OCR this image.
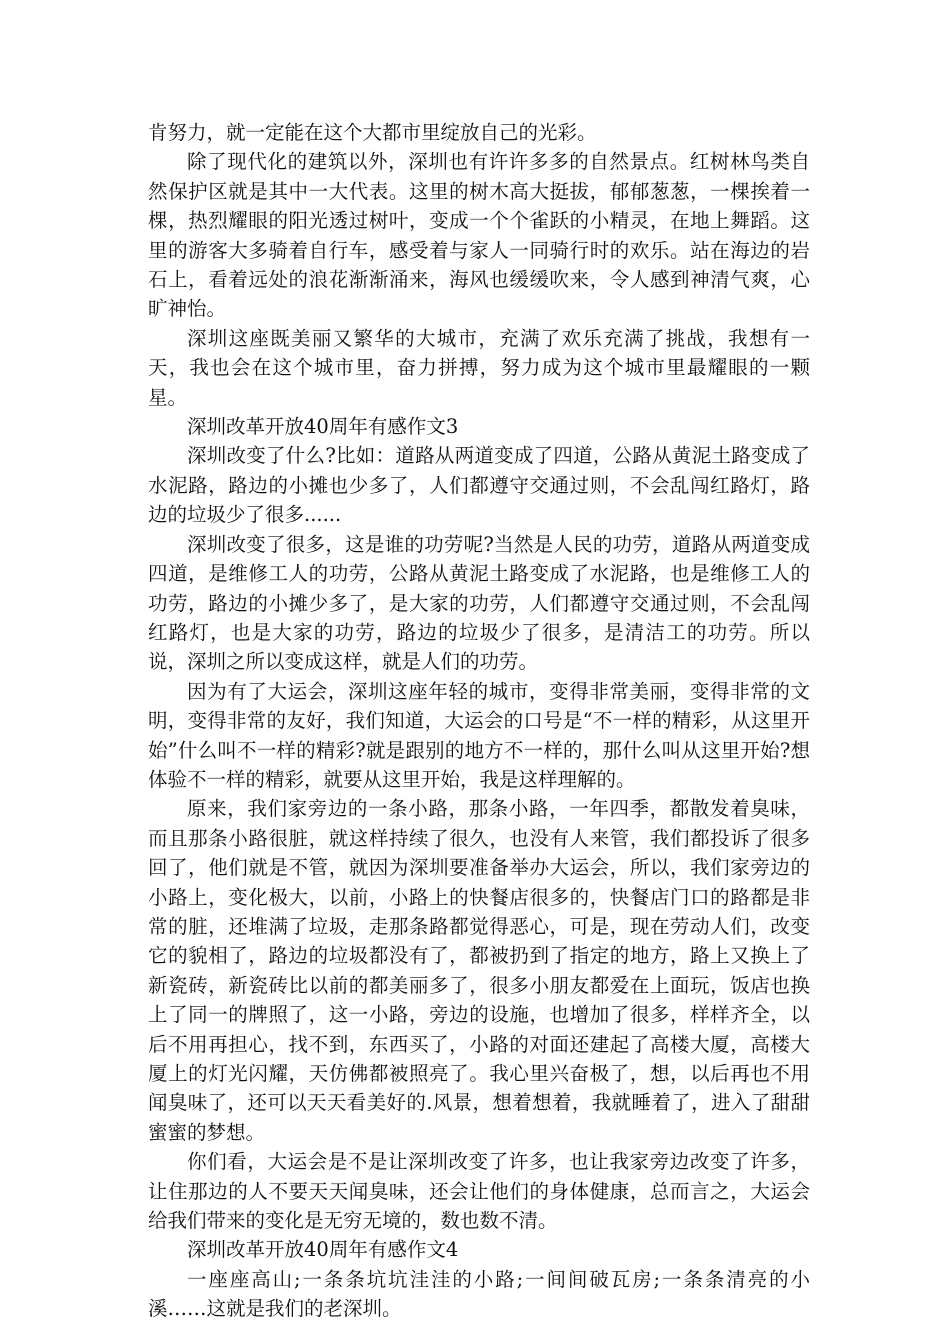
肯努力，就一定能在这个大都市里绽放自己的光彩。

除了现代化的建筑以外，深圳也有许许多多的自然景点。红树林鸟类自然保护区就是其中一大代表。这里的树木高大挺拔，郁郁葱葱，一棵挨着一棵，热烈耀眼的阳光透过树叶，变成一个个雀跃的小精灵，在地上舞蹈。这里的游客大多骑着自行车，感受着与家人一同骑行时的欢乐。站在海边的岩石上，看着远处的浪花渐渐涌来，海风也缓缓吹来，令人感到神清气爽，心旷神怡。

深圳这座既美丽又繁华的大城市，充满了欢乐充满了挑战，我想有一天，我也会在这个城市里，奋力拼搏，努力成为这个城市里最耀眼的一颗星。

深圳改革开放40周年有感作文3

深圳改变了什么?比如：道路从两道变成了四道，公路从黄泥土路变成了水泥路，路边的小摊也少多了，人们都遵守交通过则，不会乱闯红路灯，路边的垃圾少了很多......

深圳改变了很多，这是谁的功劳呢?当然是人民的功劳，道路从两道变成四道，是维修工人的功劳，公路从黄泥土路变成了水泥路，也是维修工人的功劳，路边的小摊少多了，是大家的功劳，人们都遵守交通过则，不会乱闯红路灯，也是大家的功劳，路边的垃圾少了很多，是清洁工的功劳。所以说，深圳之所以变成这样，就是人们的功劳。

因为有了大运会，深圳这座年轻的城市，变得非常美丽，变得非常的文明，变得非常的友好，我们知道，大运会的口号是“不一样的精彩，从这里开始”什么叫不一样的精彩?就是跟别的地方不一样的，那什么叫从这里开始?想体验不一样的精彩，就要从这里开始，我是这样理解的。

原来，我们家旁边的一条小路，那条小路，一年四季，都散发着臭味，而且那条小路很脏，就这样持续了很久，也没有人来管，我们都投诉了很多回了，他们就是不管，就因为深圳要准备举办大运会，所以，我们家旁边的小路上，变化极大，以前，小路上的快餐店很多的，快餐店门口的路都是非常的脏，还堆满了垃圾，走那条路都觉得恶心，可是，现在劳动人们，改变它的貌相了，路边的垃圾都没有了，都被扔到了指定的地方，路上又换上了新瓷砖，新瓷砖比以前的都美丽多了，很多小朋友都爱在上面玩，饭店也换上了同一的牌照了，这一小路，旁边的设施，也增加了很多，样样齐全，以后不用再担心，找不到，东西买了，小路的对面还建起了高楼大厦，高楼大厦上的灯光闪耀，天仿佛都被照亮了。我心里兴奋极了，想，以后再也不用闻臭味了，还可以天天看美好的.风景，想着想着，我就睡着了，进入了甜甜蜜蜜的梦想。

你们看，大运会是不是让深圳改变了许多，也让我家旁边改变了许多，让住那边的人不要天天闻臭味，还会让他们的身体健康，总而言之，大运会给我们带来的变化是无穷无境的，数也数不清。

深圳改革开放40周年有感作文4

一座座高山;一条条坑坑洼洼的小路;一间间破瓦房;一条条清亮的小溪……这就是我们的老深圳。
